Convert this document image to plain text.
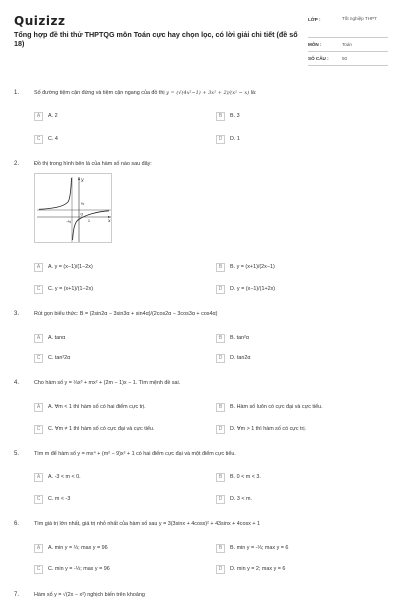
Quizizz
Tổng hợp đề thi thử THPTQG môn Toán cực hay chọn lọc, có lời giải chi tiết (đề số 18)
LỚP :	Tốt nghiệp THPT
MÔN :	Toán
SỐ CÂU :	50
1.	Số đường tiệm cận đứng và tiệm cận ngang của đồ thị y = (√(4x²−1) + 3x² + 2)/(x² − x) là:
A	A. 2	B	B. 3
C	C. 4	D	D. 1
2.	Đồ thị trong hình bên là của hàm số nào sau đây:
y
x
O
1
½
−½
A	A. y = (x−1)/(1−2x)	B	B. y = (x+1)/(2x−1)
C	C. y = (x+1)/(1−2x)	D	D. y = (x−1)/(1+2x)
3.	Rút gọn biểu thức: B = (2sin2α − 3sin3α + sin4α)/(2cos2α − 3cos3α + cos4α)
A	A. tanα	B	B. tan²α
C	C. tan²2α	D	D. tan2α
4.	Cho hàm số y = ⅓x³ + mx² + (2m − 1)x − 1. Tìm mệnh đề sai.
A	A. ∀m < 1 thì hàm số có hai điểm cực trị.	B	B. Hàm số luôn có cực đại và cực tiểu.
C	C. ∀m ≠ 1 thì hàm số có cực đại và cực tiểu.	D	D. ∀m > 1 thì hàm số có cực trị.
5.	Tìm m để hàm số y = mx⁴ + (m² − 9)x² + 1 có hai điểm cực đại và một điểm cực tiểu.
A	A. -3 < m < 0.	B	B. 0 < m < 3.
C	C. m < -3	D	D. 3 < m.
6.	Tìm giá trị lớn nhất, giá trị nhỏ nhất của hàm số sau y = 3(3sinx + 4cosx)² + 43sinx + 4cosx + 1
A	A. min y = ⅓; max y = 96	B	B. min y = -⅓; max y = 6
C	C. min y = -⅓; max y = 96	D	D. min y = 2; max y = 6
7.	Hàm số y = √(2x − x²) nghịch biến trên khoảng
